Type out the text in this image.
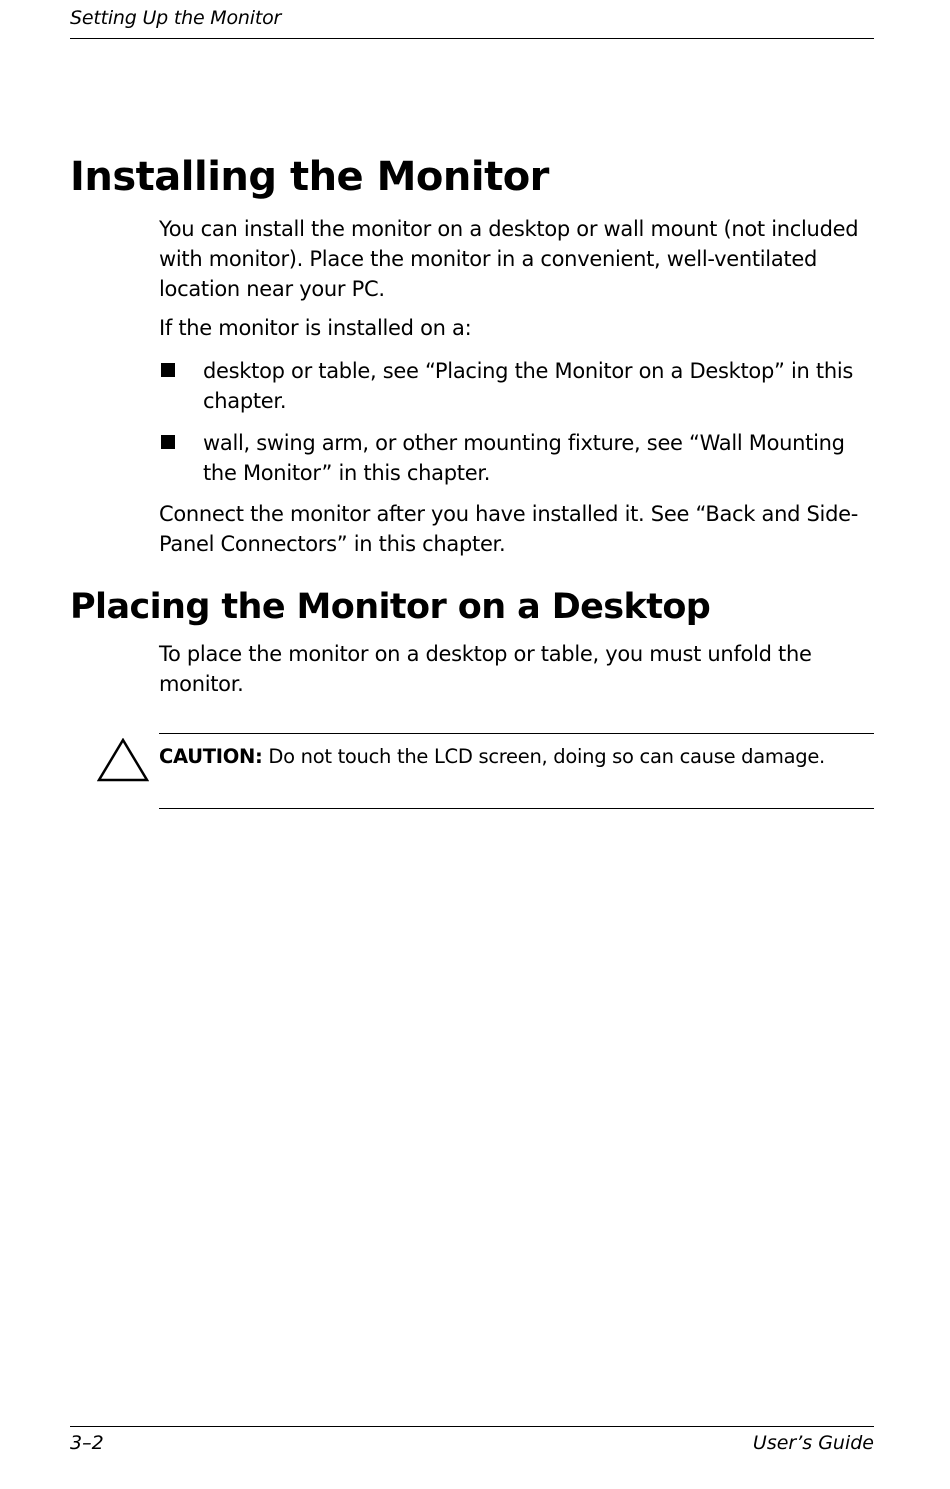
Setting Up the Monitor
Installing the Monitor

You can install the monitor on a desktop or wall mount (not included with monitor). Place the monitor in a convenient, well-ventilated location near your PC.

If the monitor is installed on a:

desktop or table, see “Placing the Monitor on a Desktop” in this chapter.
wall, swing arm, or other mounting fixture, see “Wall Mounting the Monitor” in this chapter.

Connect the monitor after you have installed it. See “Back and Side-Panel Connectors” in this chapter.

Placing the Monitor on a Desktop

To place the monitor on a desktop or table, you must unfold the monitor.

CAUTION: Do not touch the LCD screen, doing so can cause damage.
3–2	User’s Guide
